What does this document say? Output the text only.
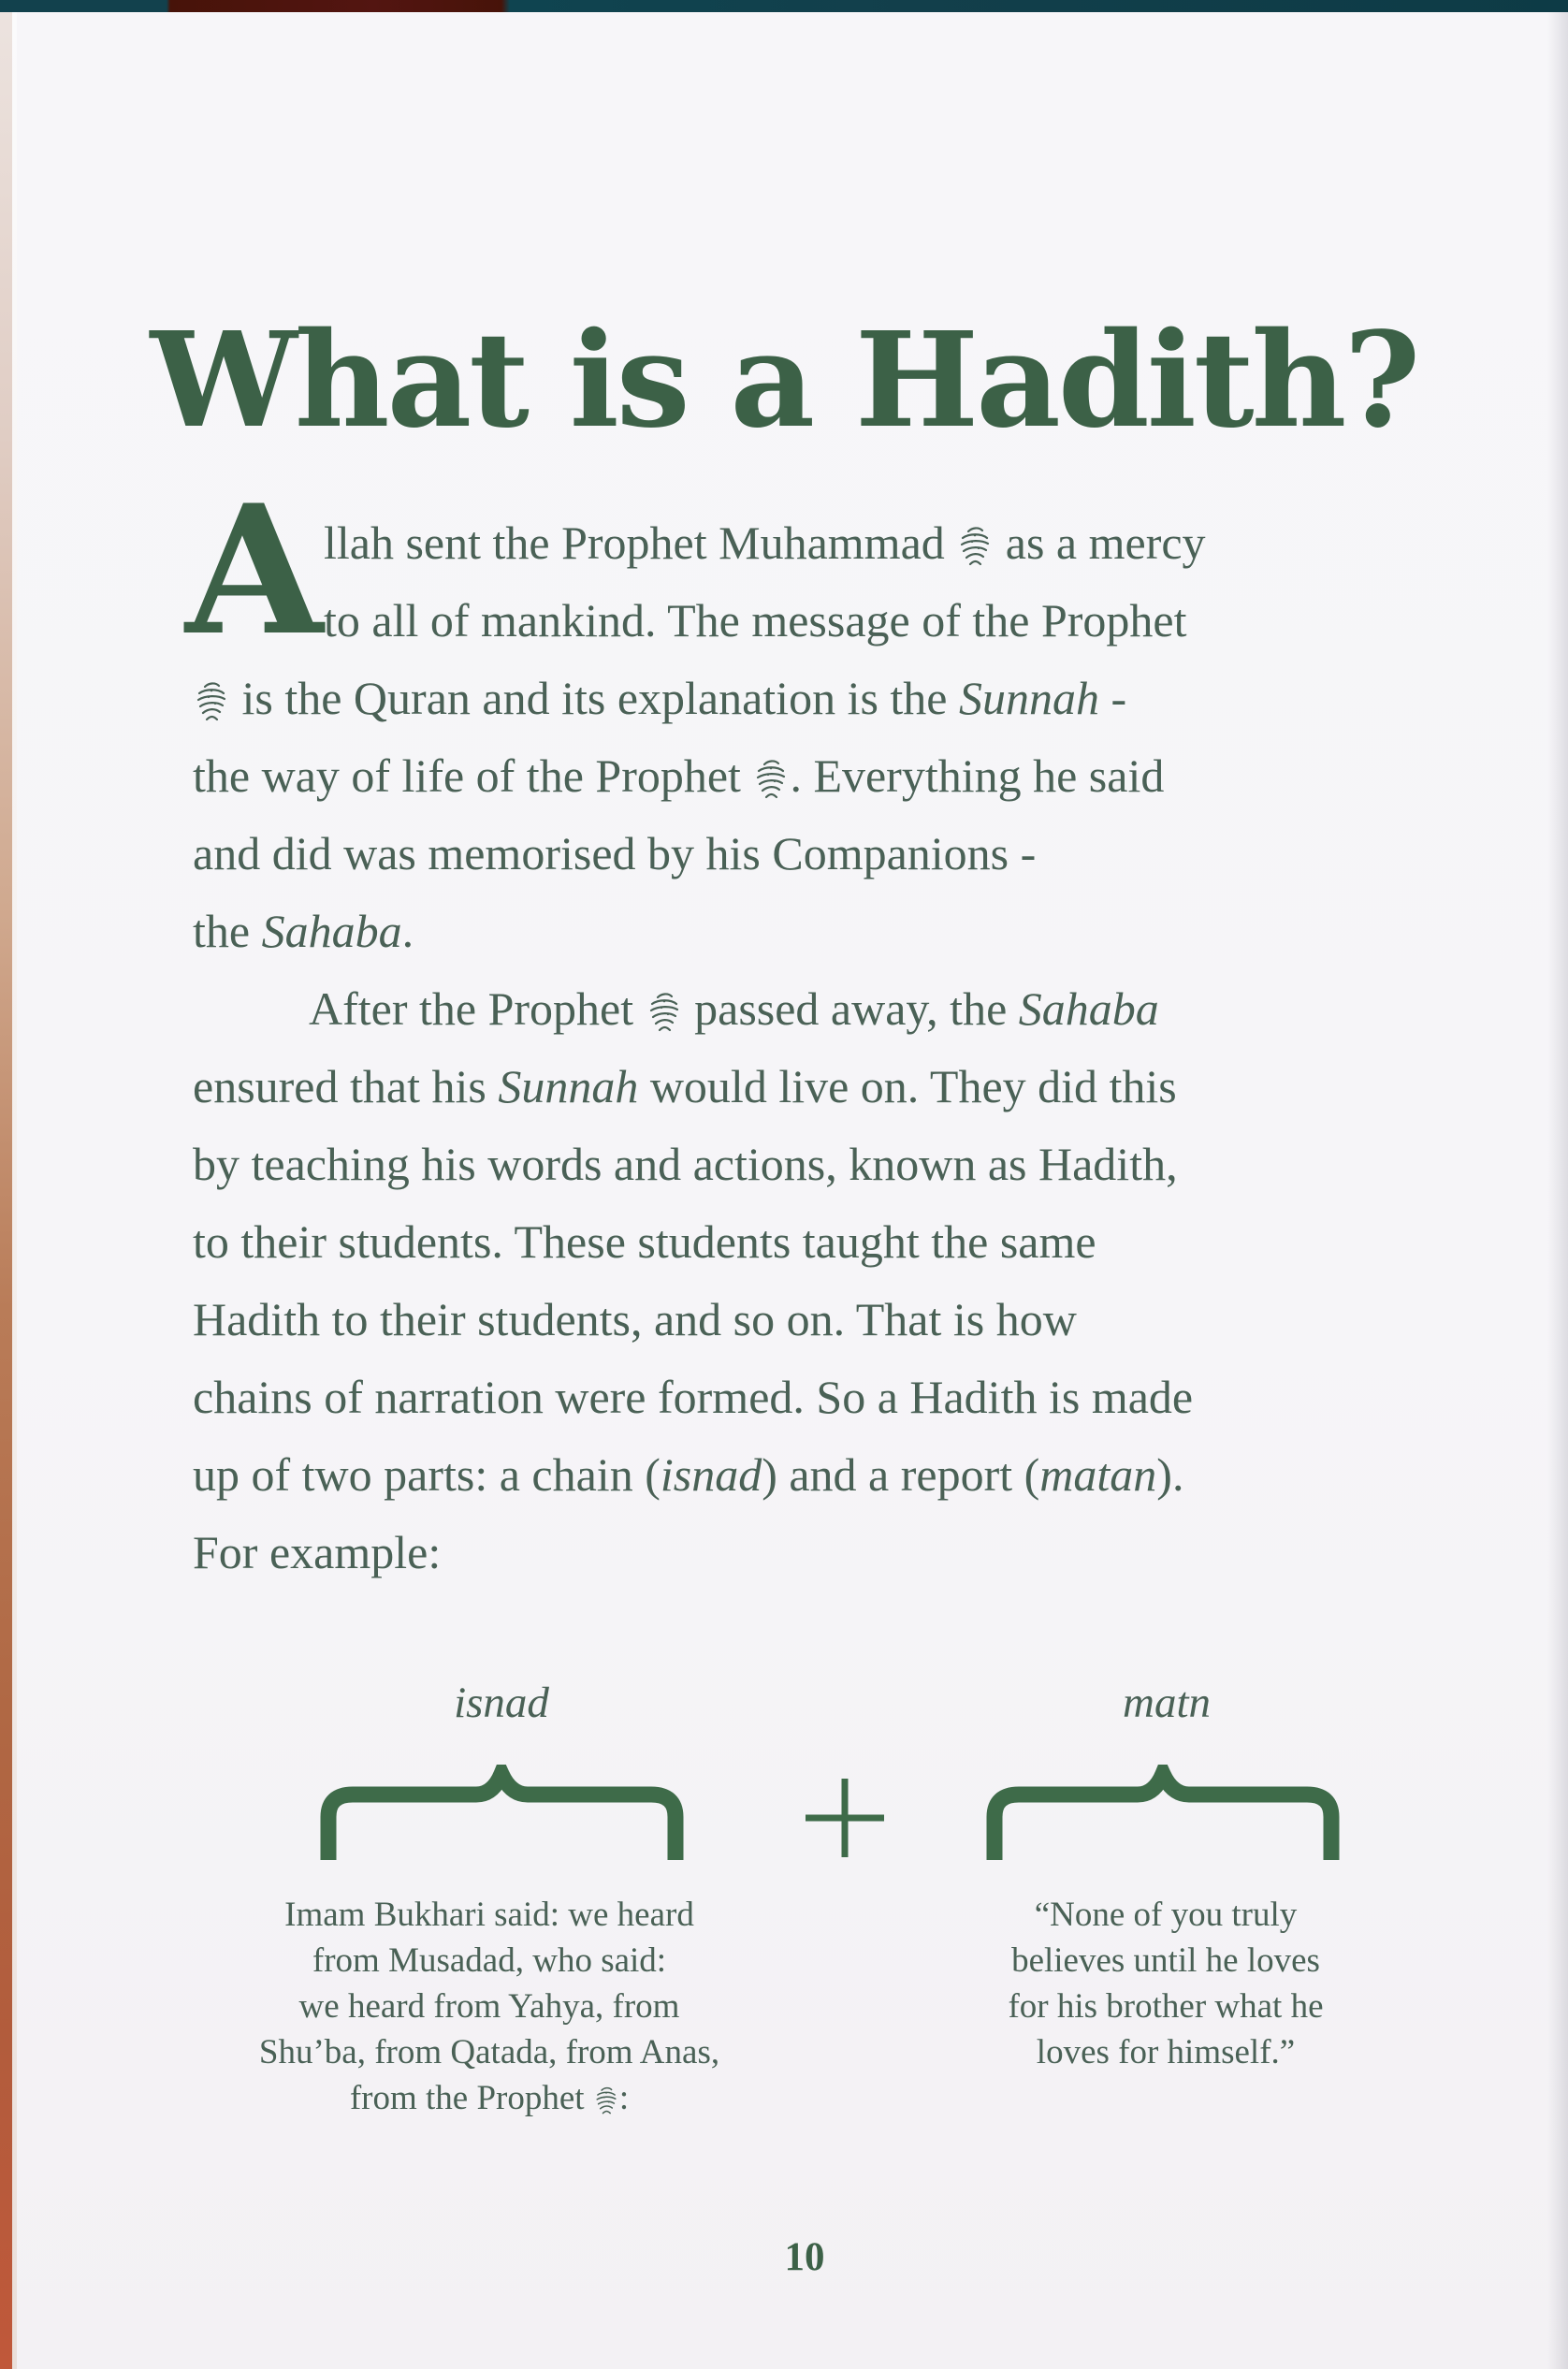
What is a Hadith?
A llah sent the Prophet Muhammad  as a mercy
to all of mankind. The message of the Prophet
is the Quran and its explanation is the Sunnah -
the way of life of the Prophet . Everything he said
and did was memorised by his Companions -
the Sahaba.
After the Prophet  passed away, the Sahaba
ensured that his Sunnah would live on. They did this
by teaching his words and actions, known as Hadith,
to their students. These students taught the same
Hadith to their students, and so on. That is how
chains of narration were formed. So a Hadith is made
up of two parts: a chain (isnad) and a report (matan).
For example:
isnad	matn
Imam Bukhari said: we heard
from Musadad, who said:
we heard from Yahya, from
Shu’ba, from Qatada, from Anas,
from the Prophet :
“None of you truly
believes until he loves
for his brother what he
loves for himself.”
10
